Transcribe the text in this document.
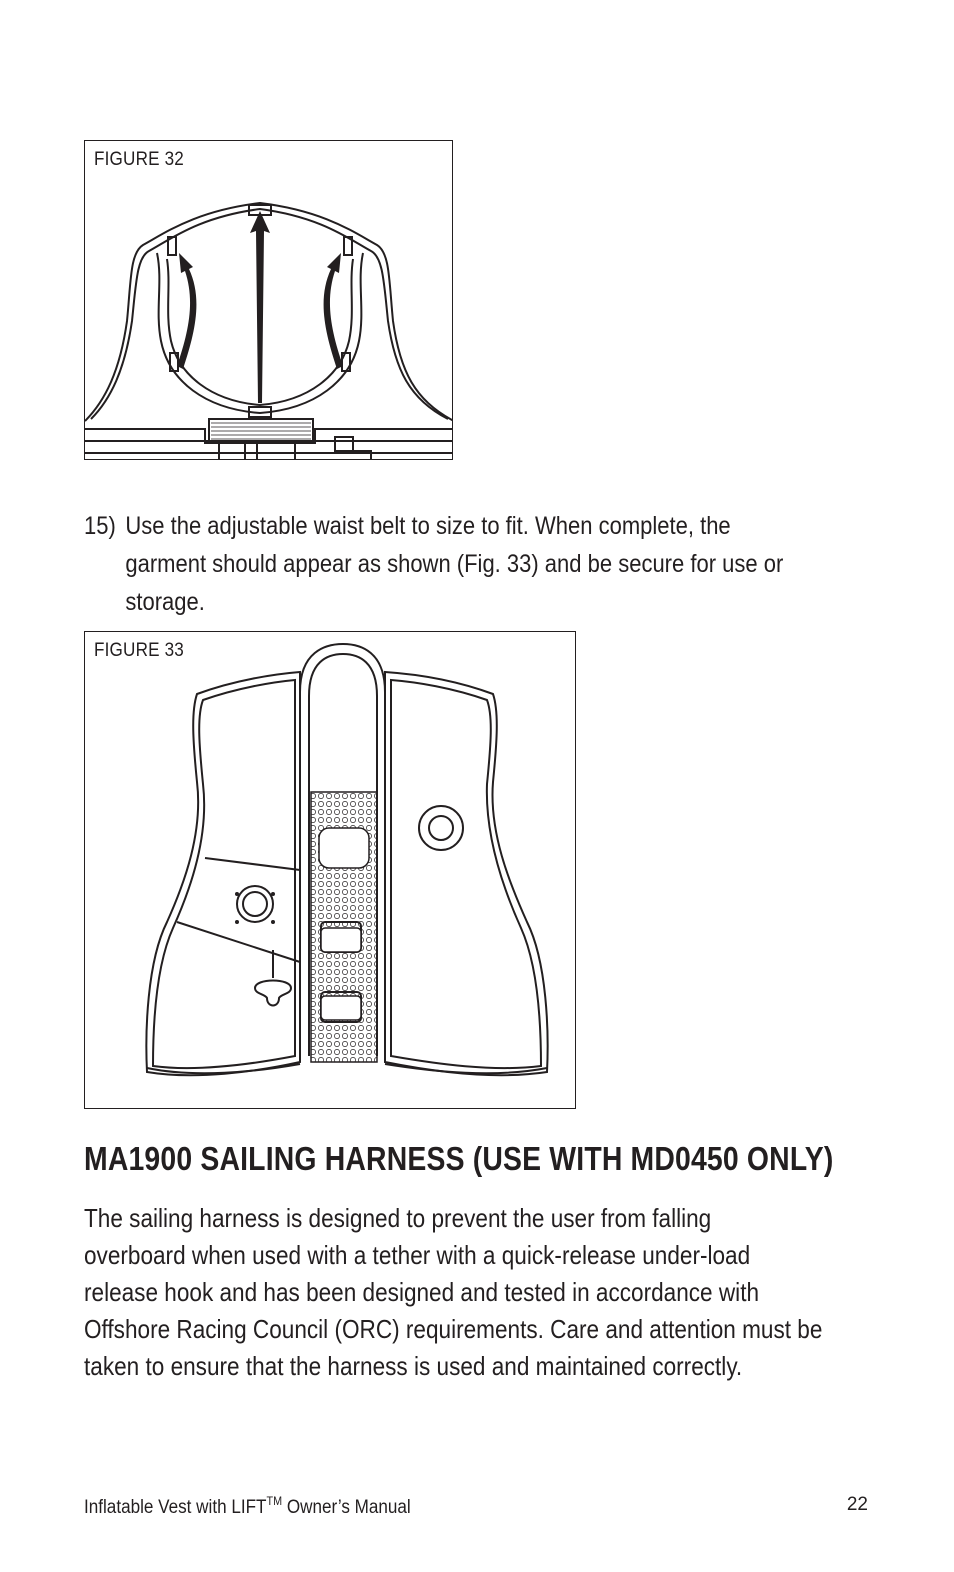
FIGURE 32
15) Use the adjustable waist belt to size to fit. When complete, the

garment should appear as shown (Fig. 33) and be secure for use or

storage.

FIGURE 33
MA1900 SAILING HARNESS (USE WITH MD0450 ONLY)
The sailing harness is designed to prevent the user from falling
overboard when used with a tether with a quick-release under-load
release hook and has been designed and tested in accordance with
Offshore Racing Council (ORC) requirements. Care and attention must be
taken to ensure that the harness is used and maintained correctly.
Inflatable Vest with LIFT™ Owner’s Manual	22
